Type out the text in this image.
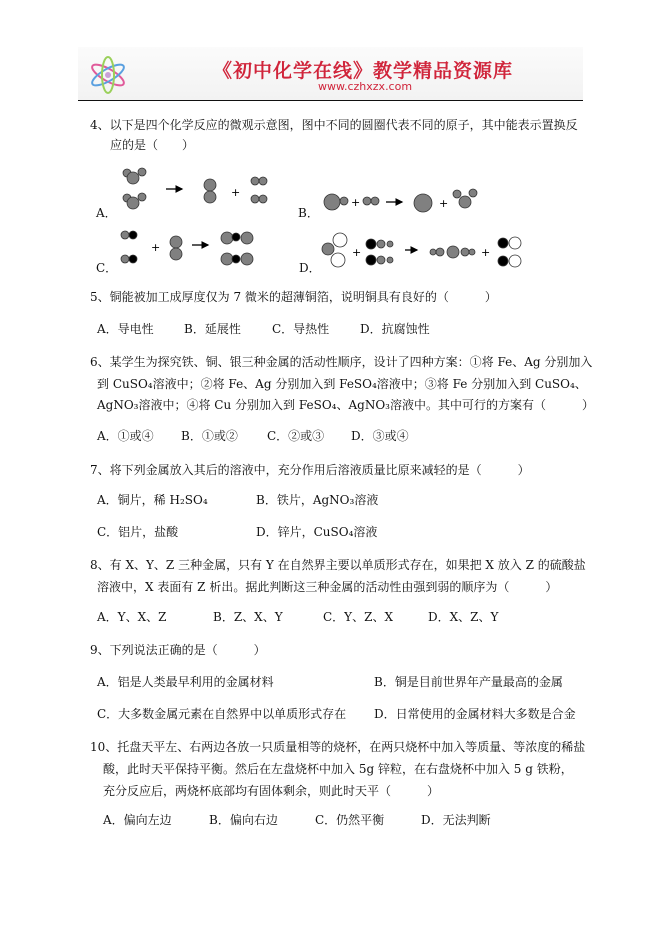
《初中化学在线》教学精品资源库
www.czhxzx.com
4、以下是四个化学反应的微观示意图，图中不同的圆圈代表不同的原子，其中能表示置换反
应的是（　　）
A．	B．
C．	D．
+
+	+
+	+	+
5、铜能被加工成厚度仅为 7 微米的超薄铜箔，说明铜具有良好的（　　　）
A．导电性	B．延展性	C．导热性	D．抗腐蚀性
6、某学生为探究铁、铜、银三种金属的活动性顺序，设计了四种方案：①将 Fe、Ag 分别加入
到 CuSO₄溶液中；②将 Fe、Ag 分别加入到 FeSO₄溶液中；③将 Fe 分别加入到 CuSO₄、
AgNO₃溶液中；④将 Cu 分别加入到 FeSO₄、AgNO₃溶液中。其中可行的方案有（　　　）
A．①或④ B．①或② C．②或③ D．③或④
7、将下列金属放入其后的溶液中，充分作用后溶液质量比原来减轻的是（　　　）
A．铜片，稀 H₂SO₄	B．铁片，AgNO₃溶液
C．铝片，盐酸	D．锌片，CuSO₄溶液
8、有 X、Y、Z 三种金属，只有 Y 在自然界主要以单质形式存在，如果把 X 放入 Z 的硫酸盐
溶液中，X 表面有 Z 析出。据此判断这三种金属的活动性由强到弱的顺序为（　　　）
A．Y、X、Z	B．Z、X、Y	C．Y、Z、X	D．X、Z、Y
9、下列说法正确的是（　　　）
A．铝是人类最早利用的金属材料	B．铜是目前世界年产量最高的金属
C．大多数金属元素在自然界中以单质形式存在 D．日常使用的金属材料大多数是合金
10、托盘天平左、右两边各放一只质量相等的烧杯，在两只烧杯中加入等质量、等浓度的稀盐
酸，此时天平保持平衡。然后在左盘烧杯中加入 5g 锌粒，在右盘烧杯中加入 5 g 铁粉，
充分反应后，两烧杯底部均有固体剩余，则此时天平（　　　）
A．偏向左边	B．偏向右边	C．仍然平衡	D．无法判断
